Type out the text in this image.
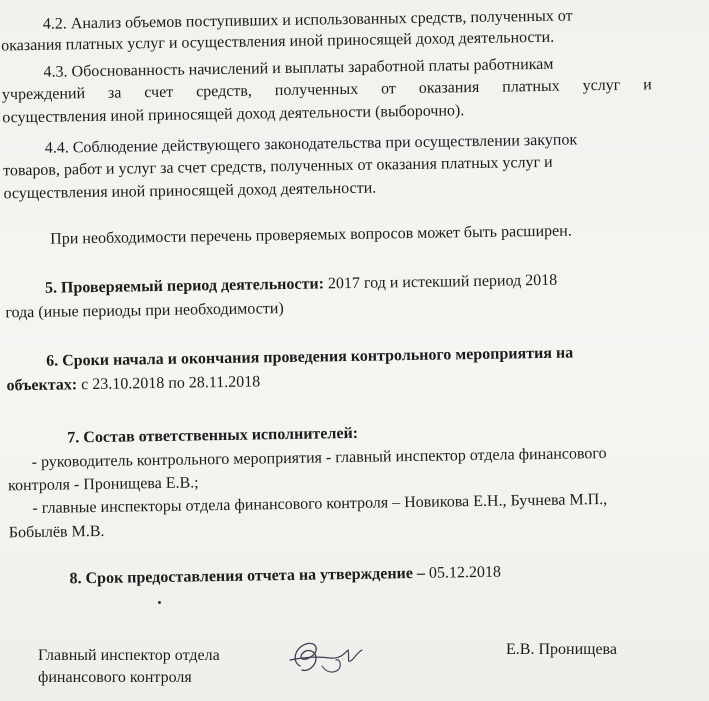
4.2. Анализ объемов поступивших и использованных средств, полученных от
оказания платных услуг и осуществления иной приносящей доход деятельности.
4.3. Обоснованность начислений и выплаты заработной платы работникам
учреждений за счет средств, полученных от оказания платных услуг и
осуществления иной приносящей доход деятельности (выборочно).
4.4. Соблюдение действующего законодательства при осуществлении закупок
товаров, работ и услуг за счет средств, полученных от оказания платных услуг и
осуществления иной приносящей доход деятельности.
При необходимости перечень проверяемых вопросов может быть расширен.
5. Проверяемый период деятельности: 2017 год и истекший период 2018
года (иные периоды при необходимости)
6. Сроки начала и окончания проведения контрольного мероприятия на
объектах: с 23.10.2018 по 28.11.2018
7. Состав ответственных исполнителей:
- руководитель контрольного мероприятия - главный инспектор отдела финансового
контроля - Пронищева Е.В.;
- главные инспекторы отдела финансового контроля – Новикова Е.Н., Бучнева М.П.,
Бобылёв М.В.
8. Срок предоставления отчета на утверждение – 05.12.2018
Главный инспектор отдела
финансового контроля
Е.В. Пронищева
